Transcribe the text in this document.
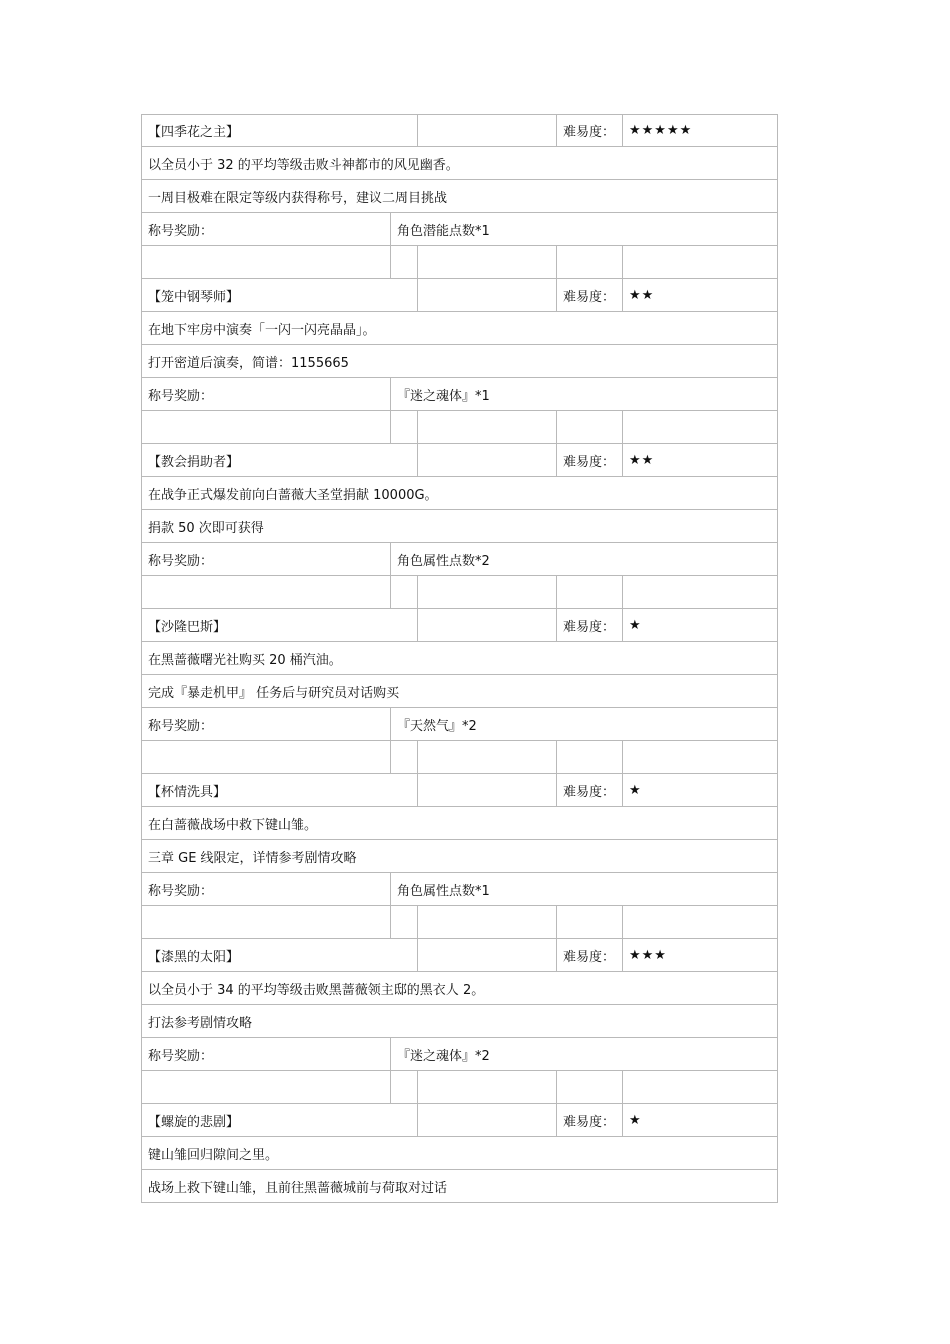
【四季花之主】	难易度：	★★★★★
以全员小于 32 的平均等级击败斗神都市的风见幽香。
一周目极难在限定等级内获得称号，建议二周目挑战
称号奖励：	角色潜能点数*1
【笼中钢琴师】	难易度：	★★
在地下牢房中演奏「一闪一闪亮晶晶」。
打开密道后演奏，简谱：1155665
称号奖励：	『迷之魂体』*1
【教会捐助者】	难易度：	★★
在战争正式爆发前向白蔷薇大圣堂捐献 10000G。
捐款 50 次即可获得
称号奖励：	角色属性点数*2
【沙隆巴斯】	难易度：	★
在黑蔷薇曙光社购买 20 桶汽油。
完成『暴走机甲』 任务后与研究员对话购买
称号奖励：	『天然气』*2
【杯情洗具】	难易度：	★
在白蔷薇战场中救下键山雏。
三章 GE 线限定，详情参考剧情攻略
称号奖励：	角色属性点数*1
【漆黑的太阳】	难易度：	★★★
以全员小于 34 的平均等级击败黑蔷薇领主邸的黑衣人 2。
打法参考剧情攻略
称号奖励：	『迷之魂体』*2
【螺旋的悲剧】	难易度：	★
键山雏回归隙间之里。
战场上救下键山雏，且前往黑蔷薇城前与荷取对过话
